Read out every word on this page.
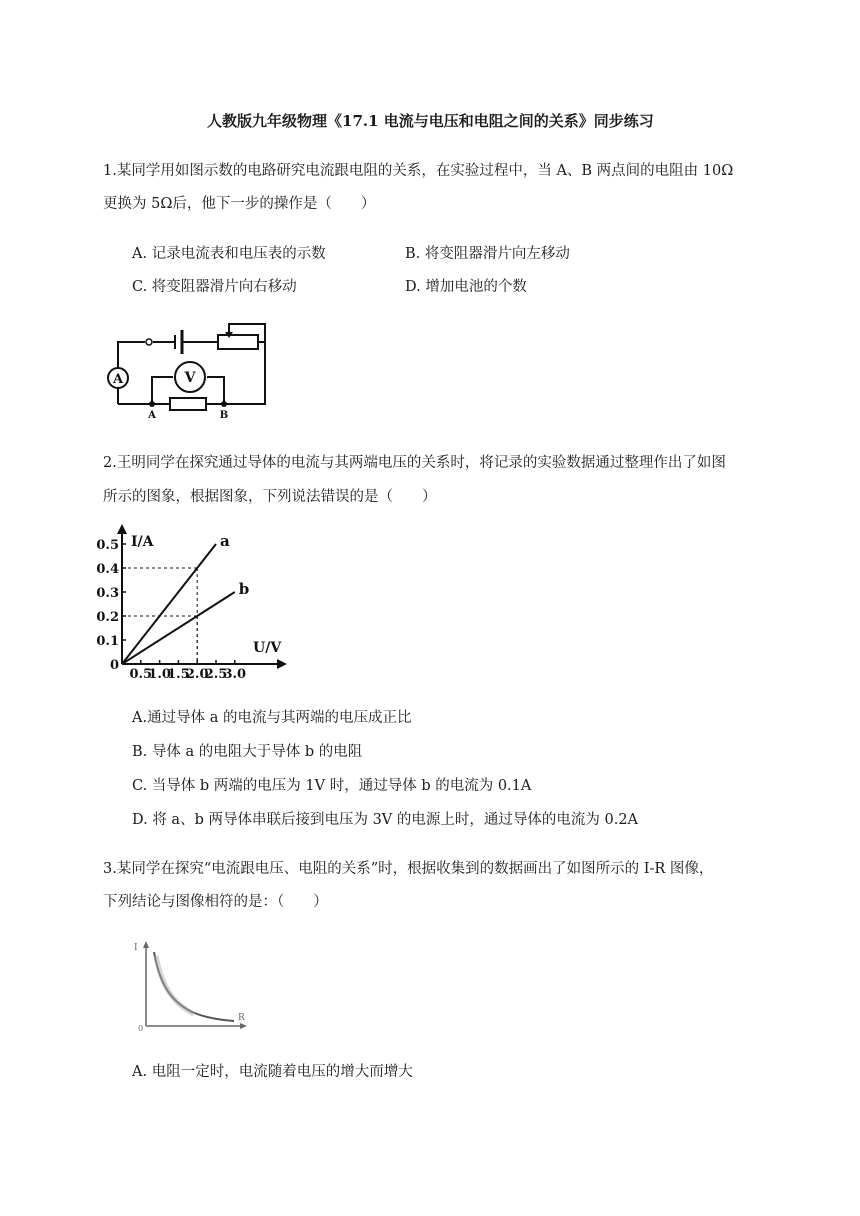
人教版九年级物理《17.1 电流与电压和电阻之间的关系》同步练习
1.某同学用如图示数的电路研究电流跟电阻的关系，在实验过程中，当 A、B 两点间的电阻由 10Ω
更换为 5Ω后，他下一步的操作是（　　）
A. 记录电流表和电压表的示数	B. 将变阻器滑片向左移动
C. 将变阻器滑片向右移动	D. 增加电池的个数
A	V
A	B
2.王明同学在探究通过导体的电流与其两端电压的关系时，将记录的实验数据通过整理作出了如图
所示的图象，根据图象，下列说法错误的是（　　）
I/A
U/V
0
0.1
0.2
0.3
0.4
0.5
0.5
1.0
1.5
2.0
2.5
3.0
a
b
A.通过导体 a 的电流与其两端的电压成正比
B. 导体 a 的电阻大于导体 b 的电阻
C. 当导体 b 两端的电压为 1V 时，通过导体 b 的电流为 0.1A
D. 将 a、b 两导体串联后接到电压为 3V 的电源上时，通过导体的电流为 0.2A
3.某同学在探究“电流跟电压、电阻的关系”时，根据收集到的数据画出了如图所示的 I-R 图像，
下列结论与图像相符的是：（　　）
I
R
0
A. 电阻一定时，电流随着电压的增大而增大
